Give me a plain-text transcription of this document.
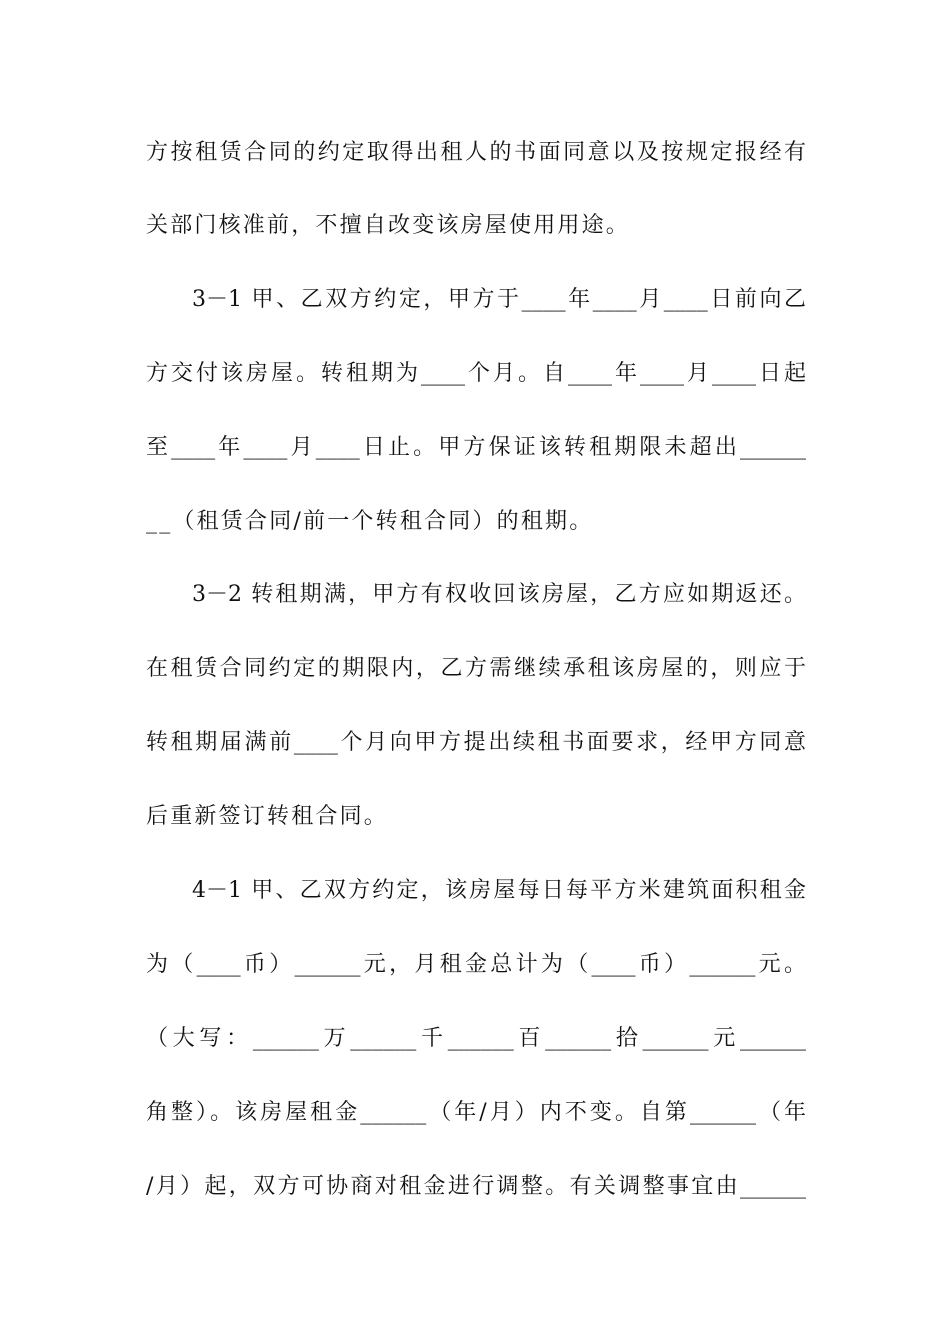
方按租赁合同的约定取得出租人的书面同意以及按规定报经有
关部门核准前，不擅自改变该房屋使用用途。
3－1 甲、乙双方约定，甲方于____年____月____日前向乙
方交付该房屋。转租期为____个月。自____年____月____日起
至____年____月____日止。甲方保证该转租期限未超出______
__（租赁合同/前一个转租合同）的租期。
3－2 转租期满，甲方有权收回该房屋，乙方应如期返还。
在租赁合同约定的期限内，乙方需继续承租该房屋的，则应于
转租期届满前____个月向甲方提出续租书面要求，经甲方同意
后重新签订转租合同。
4－1 甲、乙双方约定，该房屋每日每平方米建筑面积租金
为（____币）______元，月租金总计为（____币）______元。
（大写：______万______千______百______拾______元______
角整）。该房屋租金______（年/月）内不变。自第______（年
/月）起，双方可协商对租金进行调整。有关调整事宜由______
